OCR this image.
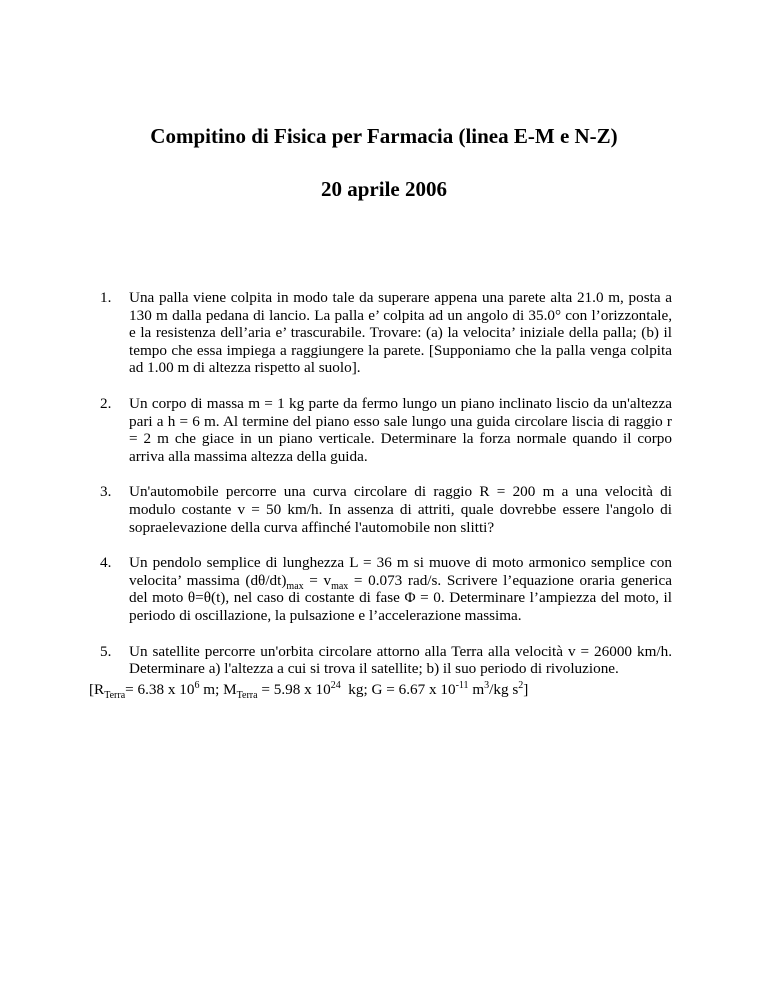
Compitino di Fisica per Farmacia (linea E-M e N-Z)
20 aprile 2006
1. Una palla viene colpita in modo tale da superare appena una parete alta 21.0 m, posta a 130 m dalla pedana di lancio. La palla e’ colpita ad un angolo di 35.0° con l’orizzontale, e la resistenza dell’aria e’ trascurabile. Trovare: (a) la velocita’ iniziale della palla; (b) il tempo che essa impiega a raggiungere la parete. [Supponiamo che la palla venga colpita ad 1.00 m di altezza rispetto al suolo].
2. Un corpo di massa m = 1 kg parte da fermo lungo un piano inclinato liscio da un'altezza pari a h = 6 m. Al termine del piano esso sale lungo una guida circolare liscia di raggio r = 2 m che giace in un piano verticale. Determinare la forza normale quando il corpo arriva alla massima altezza della guida.
3. Un'automobile percorre una curva circolare di raggio R = 200 m a una velocità di modulo costante v = 50 km/h. In assenza di attriti, quale dovrebbe essere l'angolo di sopraelevazione della curva affinché l'automobile non slitti?
4. Un pendolo semplice di lunghezza L = 36 m si muove di moto armonico semplice con velocita’ massima $(d\theta/dt)_{max} = v_{max} = 0.073$ rad/s. Scrivere l’equazione oraria generica del moto θ=θ(t), nel caso di costante di fase Φ = 0. Determinare l’ampiezza del moto, il periodo di oscillazione, la pulsazione e l’accelerazione massima.
5. Un satellite percorre un'orbita circolare attorno alla Terra alla velocità v = 26000 km/h. Determinare a) l'altezza a cui si trova il satellite; b) il suo periodo di rivoluzione.
[$R_{Terra}= 6.38$ x $10^6$ m; $M_{Terra} = 5.98$ x $10^{24}$  kg; G = 6.67 x $10^{-11}$ $m^3/kg$ $s^2$]
